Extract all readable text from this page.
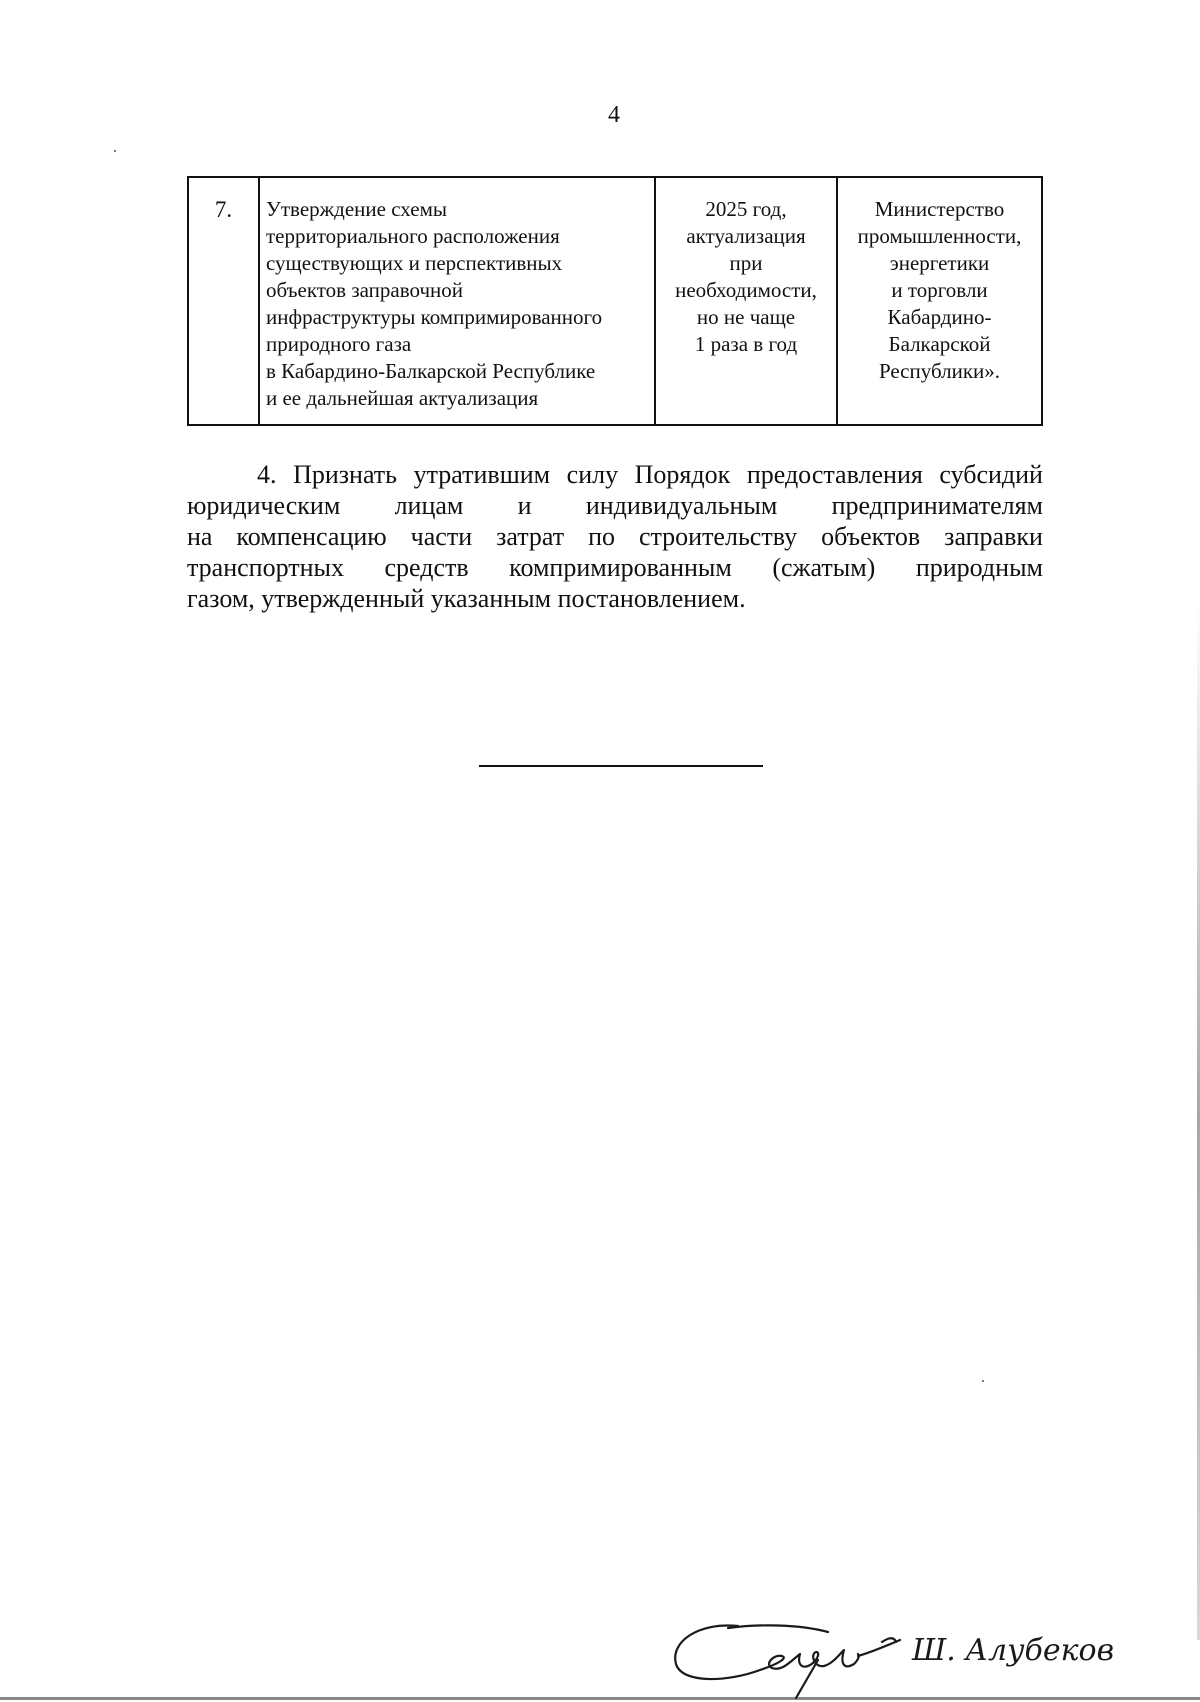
4
7.	Утверждение схемы
территориального расположения
существующих и перспективных
объектов заправочной
инфраструктуры компримированного
природного газа
в Кабардино-Балкарской Республике
и ее дальнейшая актуализация
2025 год,
актуализация
при
необходимости,
но не чаще
1 раза в год
Министерство
промышленности,
энергетики
и торговли
Кабардино-
Балкарской
Республики».
4. Признать утратившим силу Порядок предоставления субсидий
юридическим лицам и индивидуальным предпринимателям
на компенсацию части затрат по строительству объектов заправки
транспортных средств компримированным (сжатым) природным
газом, утвержденный указанным постановлением.
Ш. Алубеков
